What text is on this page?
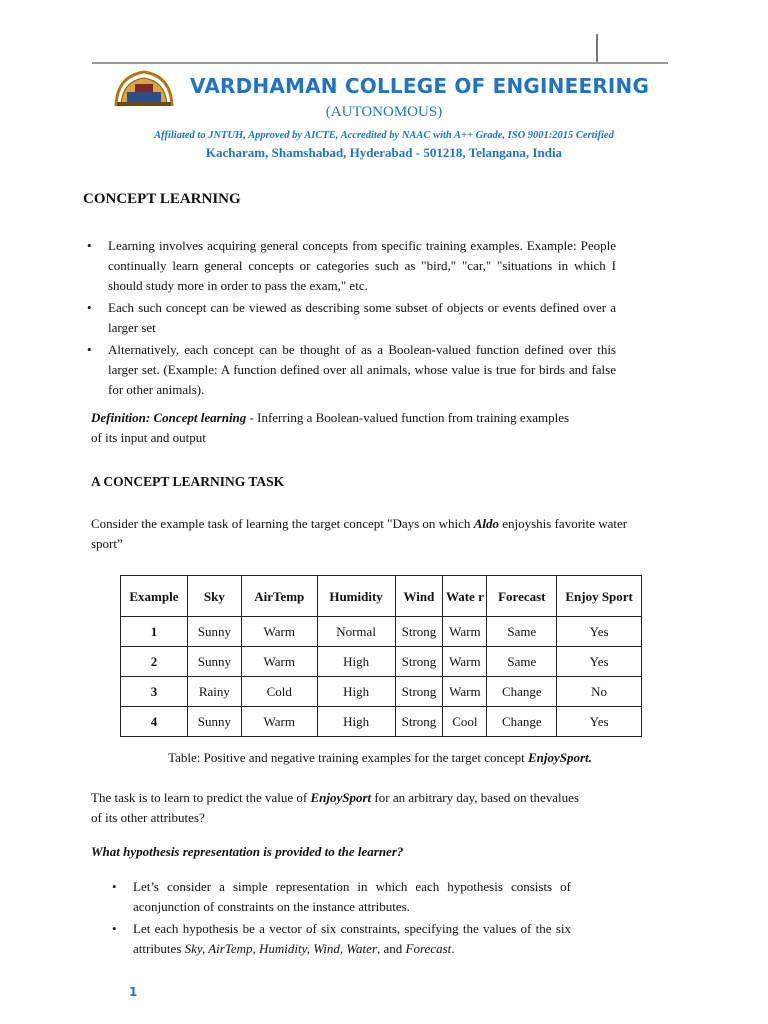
VARDHAMAN COLLEGE OF ENGINEERING
(AUTONOMOUS)
Affiliated to JNTUH, Approved by AICTE, Accredited by NAAC with A++ Grade, ISO 9001:2015 Certified
Kacharam, Shamshabad, Hyderabad - 501218, Telangana, India
CONCEPT LEARNING
• Learning involves acquiring general concepts from specific training examples. Example: People continually learn general concepts or categories such as "bird," "car," "situations in which I should study more in order to pass the exam," etc.
• Each such concept can be viewed as describing some subset of objects or events defined over a larger set
• Alternatively, each concept can be thought of as a Boolean-valued function defined over this larger set. (Example: A function defined over all animals, whose value is true for birds and false for other animals).
Definition: Concept learning - Inferring a Boolean-valued function from training examples of its input and output
A CONCEPT LEARNING TASK
Consider the example task of learning the target concept "Days on which Aldo enjoyshis favorite water sport”
Example	Sky	AirTemp	Humidity	Wind	Wate r	Forecast	Enjoy Sport
1	Sunny	Warm	Normal	Strong	Warm	Same	Yes
2	Sunny	Warm	High	Strong	Warm	Same	Yes
3	Rainy	Cold	High	Strong	Warm	Change	No
4	Sunny	Warm	High	Strong	Cool	Change	Yes
Table: Positive and negative training examples for the target concept EnjoySport.
The task is to learn to predict the value of EnjoySport for an arbitrary day, based on thevalues of its other attributes?
What hypothesis representation is provided to the learner?
• Let’s consider a simple representation in which each hypothesis consists of aconjunction of constraints on the instance attributes.
• Let each hypothesis be a vector of six constraints, specifying the values of the six attributes Sky, AirTemp, Humidity, Wind, Water, and Forecast.
1
